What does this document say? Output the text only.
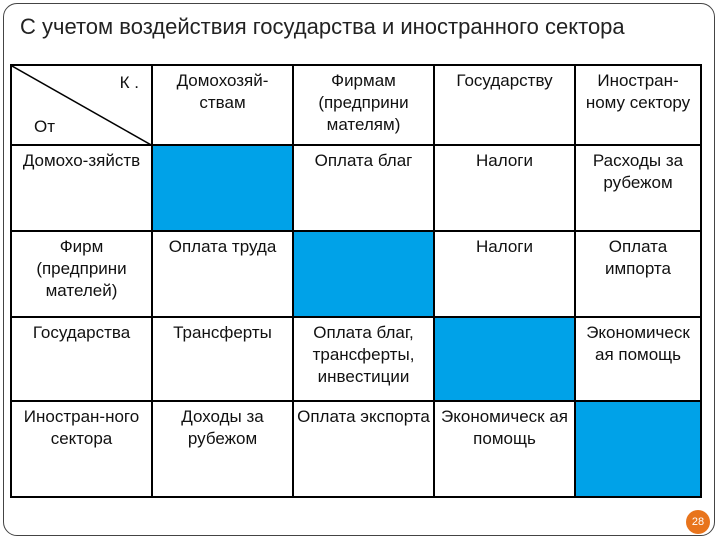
С учетом воздействия государства и иностранного сектора
К .
От	Домохозяй-ствам	Фирмам (предприни мателям)	Государству	Иностран-ному сектору
Домохо-зяйств		Оплата благ	Налоги	Расходы за рубежом
Фирм (предприни мателей)	Оплата труда		Налоги	Оплата импорта
Государства	Трансферты	Оплата благ, трансферты, инвестиции		Экономическ ая помощь
Иностран-ного сектора	Доходы за рубежом	Оплата экспорта	Экономическ ая помощь	
28
